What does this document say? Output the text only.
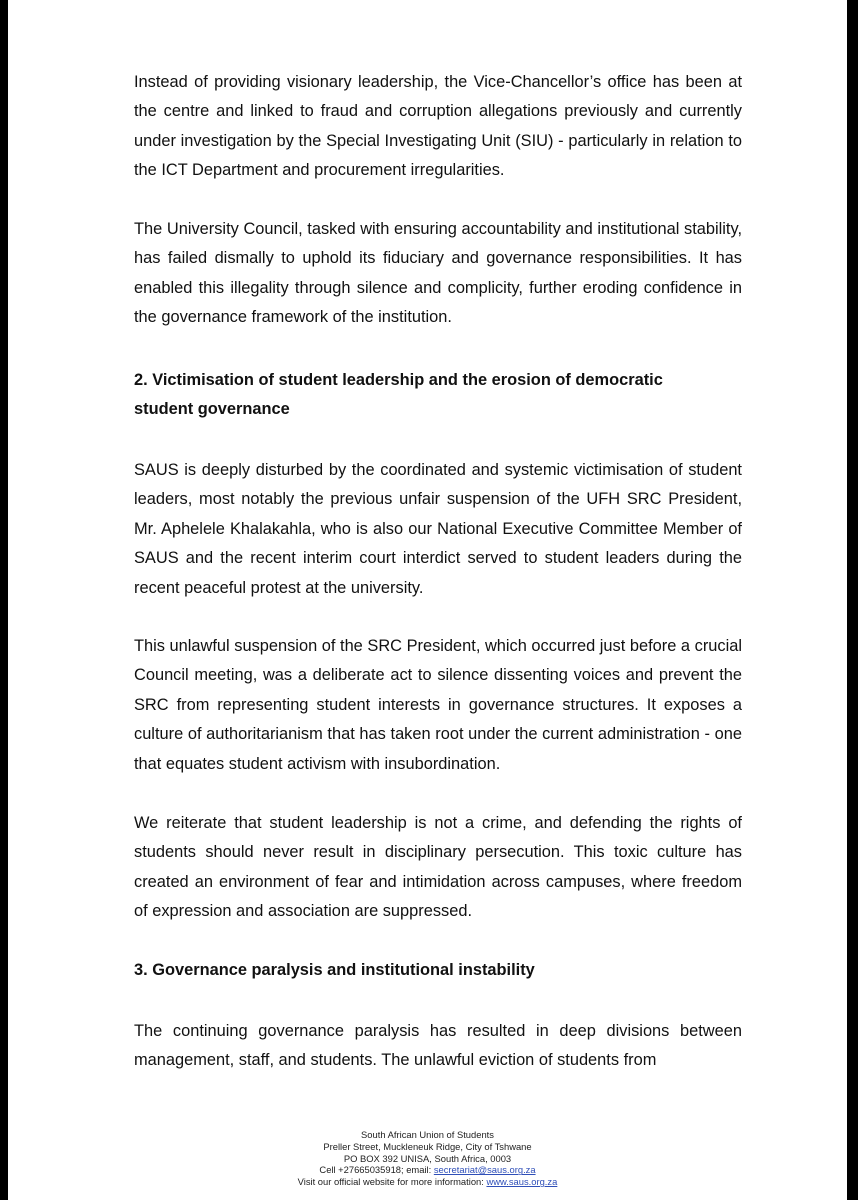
Instead of providing visionary leadership, the Vice-Chancellor’s office has been at the centre and linked to fraud and corruption allegations previously and currently under investigation by the Special Investigating Unit (SIU) - particularly in relation to the ICT Department and procurement irregularities.
The University Council, tasked with ensuring accountability and institutional stability, has failed dismally to uphold its fiduciary and governance responsibilities. It has enabled this illegality through silence and complicity, further eroding confidence in the governance framework of the institution.
2. Victimisation of student leadership and the erosion of democratic
student governance
SAUS is deeply disturbed by the coordinated and systemic victimisation of student leaders, most notably the previous unfair suspension of the UFH SRC President, Mr. Aphelele Khalakahla, who is also our National Executive Committee Member of SAUS and the recent interim court interdict served to student leaders during the recent peaceful protest at the university.
This unlawful suspension of the SRC President, which occurred just before a crucial Council meeting, was a deliberate act to silence dissenting voices and prevent the SRC from representing student interests in governance structures. It exposes a culture of authoritarianism that has taken root under the current administration - one that equates student activism with insubordination.
We reiterate that student leadership is not a crime, and defending the rights of students should never result in disciplinary persecution. This toxic culture has created an environment of fear and intimidation across campuses, where freedom of expression and association are suppressed.
3. Governance paralysis and institutional instability
The continuing governance paralysis has resulted in deep divisions between management, staff, and students. The unlawful eviction of students from
South African Union of Students
Preller Street, Muckleneuk Ridge, City of Tshwane
PO BOX 392 UNISA, South Africa, 0003
Cell +27665035918; email: secretariat@saus.org.za
Visit our official website for more information: www.saus.org.za
